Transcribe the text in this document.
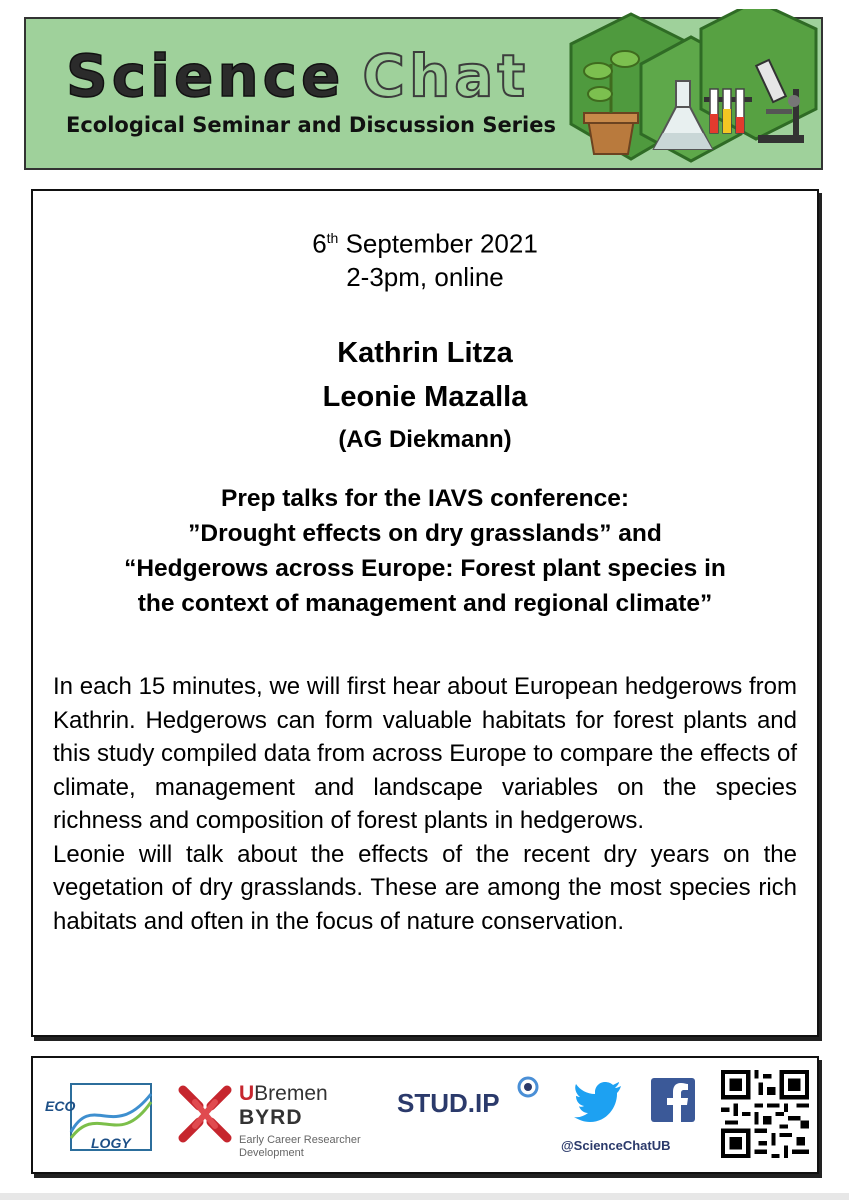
Science Chat
Ecological Seminar and Discussion Series
6th September 2021
2-3pm, online
Kathrin Litza
Leonie Mazalla
(AG Diekmann)
Prep talks for the IAVS conference:
”Drought effects on dry grasslands” and
“Hedgerows across Europe: Forest plant species in
the context of management and regional climate”
In each 15 minutes, we will first hear about European hedgerows from Kathrin. Hedgerows can form valuable habitats for forest plants and this study compiled data from across Europe to compare the effects of climate, management and landscape variables on the species richness and composition of forest plants in hedgerows.
Leonie will talk about the effects of the recent dry years on the vegetation of dry grasslands. These are among the most species rich habitats and often in the focus of nature conservation.
ECO
LOGY
UBremen
BYRD
Early Career Researcher Development
STUD.IP
@ScienceChatUB
